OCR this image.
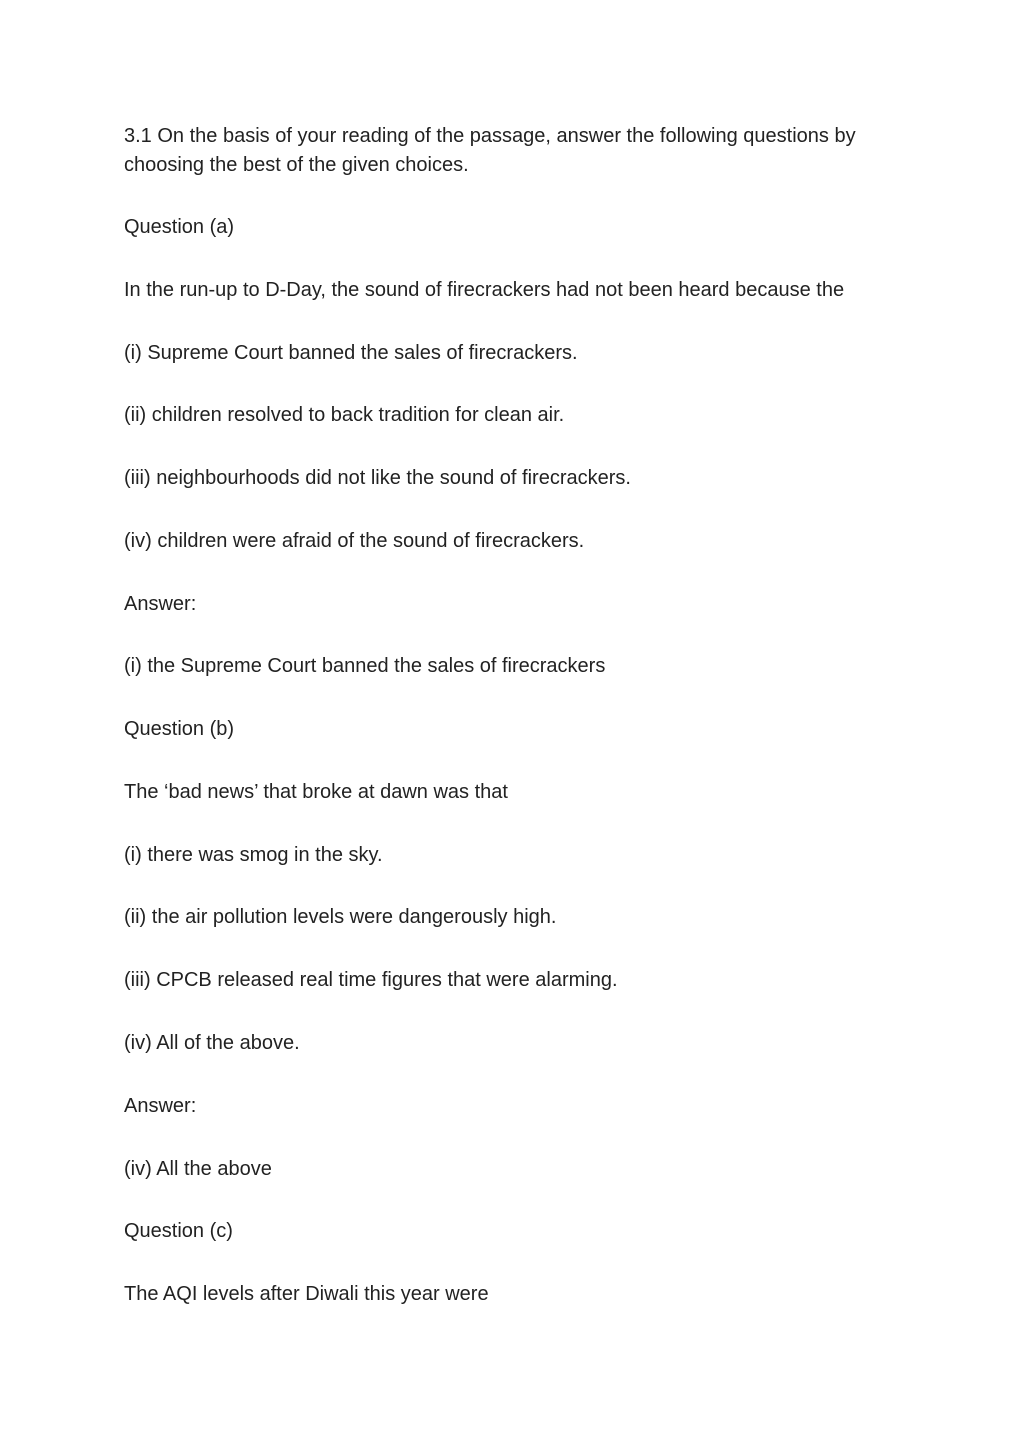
3.1 On the basis of your reading of the passage, answer the following questions by choosing the best of the given choices.

Question (a)

In the run-up to D-Day, the sound of firecrackers had not been heard because the

(i) Supreme Court banned the sales of firecrackers.

(ii) children resolved to back tradition for clean air.

(iii) neighbourhoods did not like the sound of firecrackers.

(iv) children were afraid of the sound of firecrackers.

Answer:

(i) the Supreme Court banned the sales of firecrackers

Question (b)

The ‘bad news’ that broke at dawn was that

(i) there was smog in the sky.

(ii) the air pollution levels were dangerously high.

(iii) CPCB released real time figures that were alarming.

(iv) All of the above.

Answer:

(iv) All the above

Question (c)

The AQI levels after Diwali this year were
